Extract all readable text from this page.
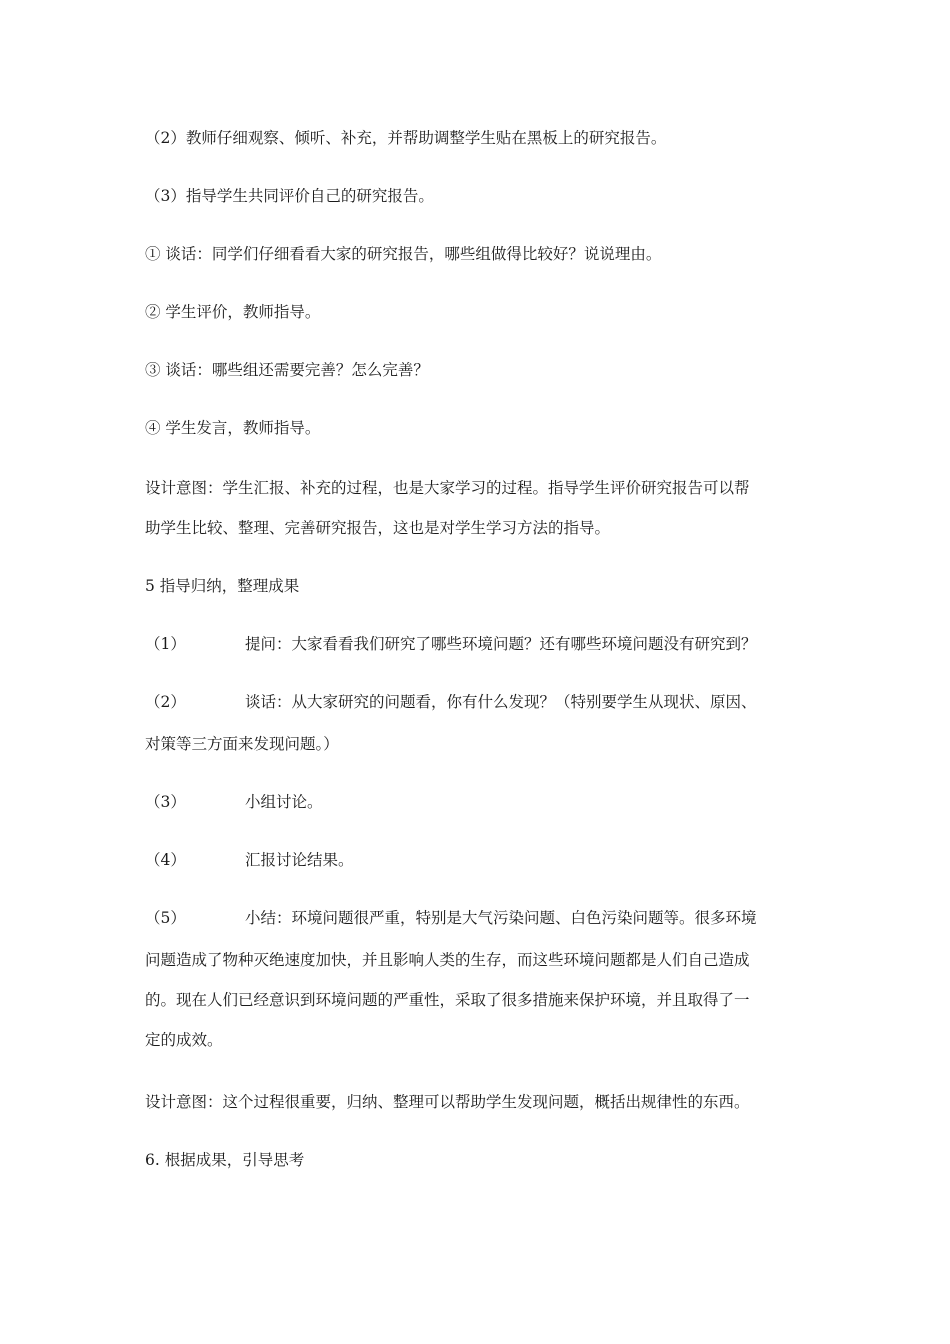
（2）教师仔细观察、倾听、补充，并帮助调整学生贴在黑板上的研究报告。
（3）指导学生共同评价自己的研究报告。
① 谈话：同学们仔细看看大家的研究报告，哪些组做得比较好？说说理由。
② 学生评价，教师指导。
③ 谈话：哪些组还需要完善？怎么完善？
④ 学生发言，教师指导。
设计意图：学生汇报、补充的过程，也是大家学习的过程。指导学生评价研究报告可以帮
助学生比较、整理、完善研究报告，这也是对学生学习方法的指导。
5 指导归纳，整理成果
（1）	提问：大家看看我们研究了哪些环境问题？还有哪些环境问题没有研究到？
（2）	谈话：从大家研究的问题看，你有什么发现？（特别要学生从现状、原因、
对策等三方面来发现问题。）
（3）	小组讨论。
（4）	汇报讨论结果。
（5）	小结：环境问题很严重，特别是大气污染问题、白色污染问题等。很多环境
问题造成了物种灭绝速度加快，并且影响人类的生存，而这些环境问题都是人们自己造成
的。现在人们已经意识到环境问题的严重性，采取了很多措施来保护环境，并且取得了一
定的成效。
设计意图：这个过程很重要，归纳、整理可以帮助学生发现问题，概括出规律性的东西。
6. 根据成果，引导思考
